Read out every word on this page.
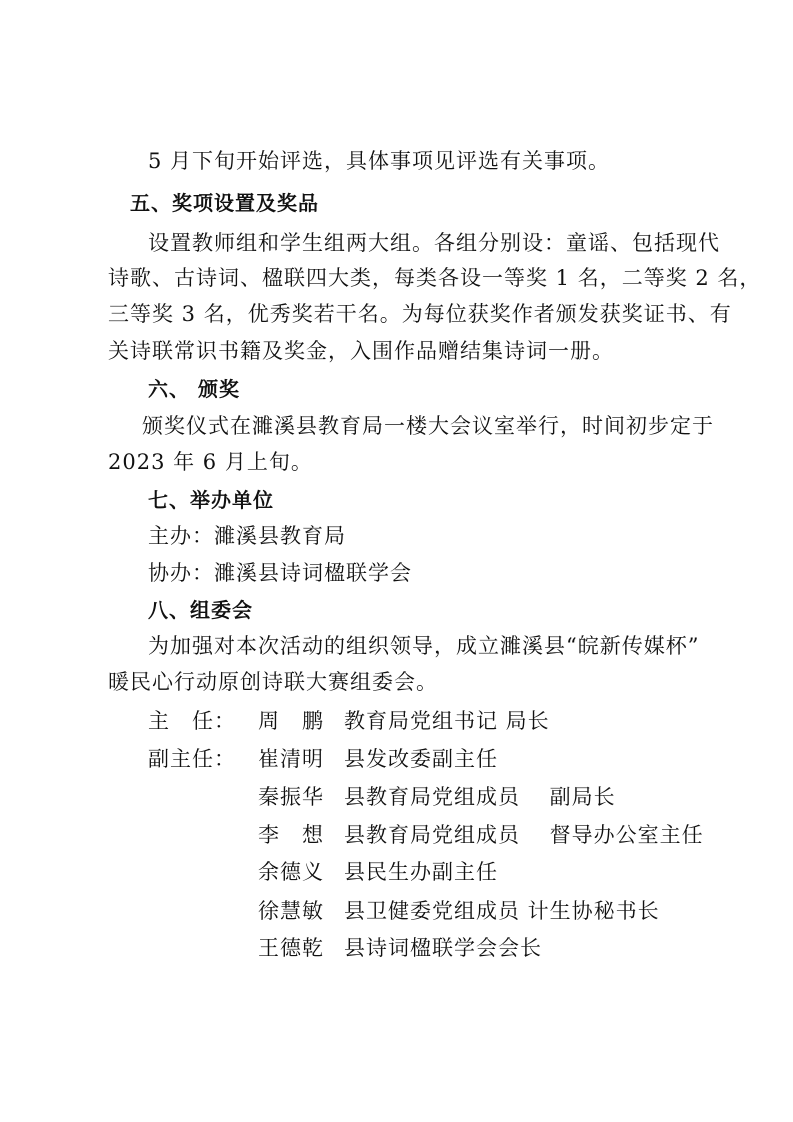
5 月下旬开始评选，具体事项见评选有关事项。
五、奖项设置及奖品
设置教师组和学生组两大组。各组分别设：童谣、包括现代
诗歌、古诗词、楹联四大类，每类各设一等奖 1 名，二等奖 2 名，
三等奖 3 名，优秀奖若干名。为每位获奖作者颁发获奖证书、有
关诗联常识书籍及奖金，入围作品赠结集诗词一册。
六、 颁奖
颁奖仪式在濉溪县教育局一楼大会议室举行，时间初步定于
2023 年 6 月上旬。
七、举办单位
主办：濉溪县教育局
协办：濉溪县诗词楹联学会
八、组委会
为加强对本次活动的组织领导，成立濉溪县“皖新传媒杯”
暖民心行动原创诗联大赛组委会。
主　任： 周　鹏 教育局党组书记 局长
副主任： 崔清明 县发改委副主任
秦振华 县教育局党组成员　 副局长
李　想 县教育局党组成员　 督导办公室主任
余德义 县民生办副主任
徐慧敏 县卫健委党组成员 计生协秘书长
王德乾 县诗词楹联学会会长
